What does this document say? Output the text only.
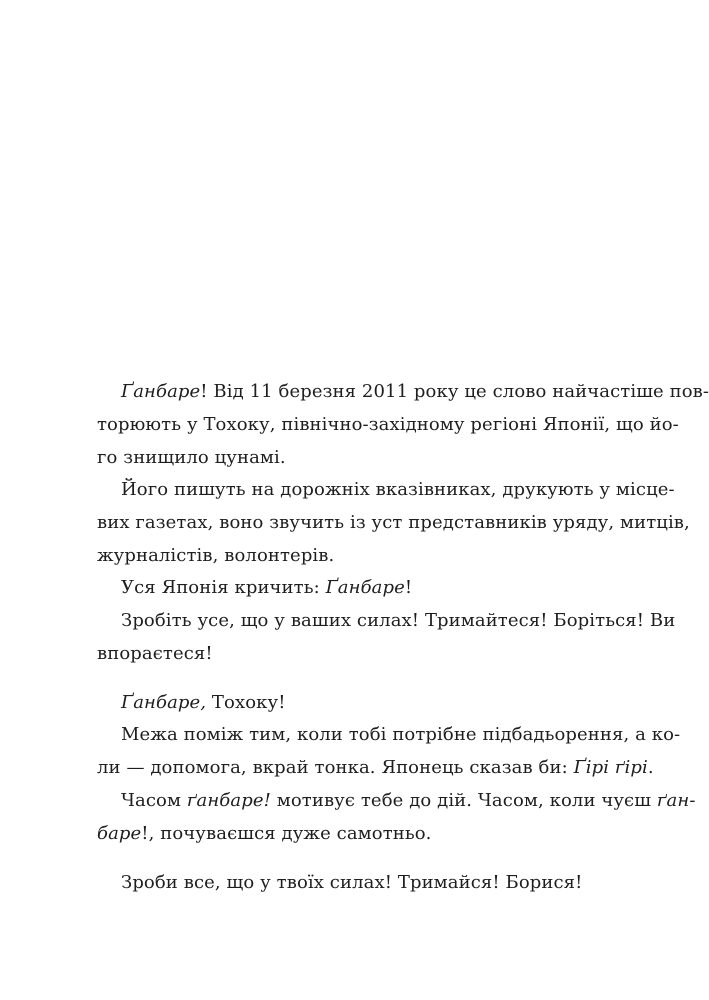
Ґанбаре! Від 11 березня 2011 року це слово найчастіше пов-
торюють у Тохоку, північно-західному регіоні Японії, що йо-
го знищило цунамі.
Його пишуть на дорожніх вказівниках, друкують у місце-
вих газетах, воно звучить із уст представників уряду, митців,
журналістів, волонтерів.
Уся Японія кричить: Ґанбаре!
Зробіть усе, що у ваших силах! Тримайтеся! Боріться! Ви
впораєтеся!
Ґанбаре, Тохоку!
Межа поміж тим, коли тобі потрібне підбадьорення, а ко-
ли — допомога, вкрай тонка. Японець сказав би: Ґірі ґірі.
Часом ґанбаре! мотивує тебе до дій. Часом, коли чуєш ґан-
баре!, почуваєшся дуже самотньо.
Зроби все, що у твоїх силах! Тримайся! Борися!
